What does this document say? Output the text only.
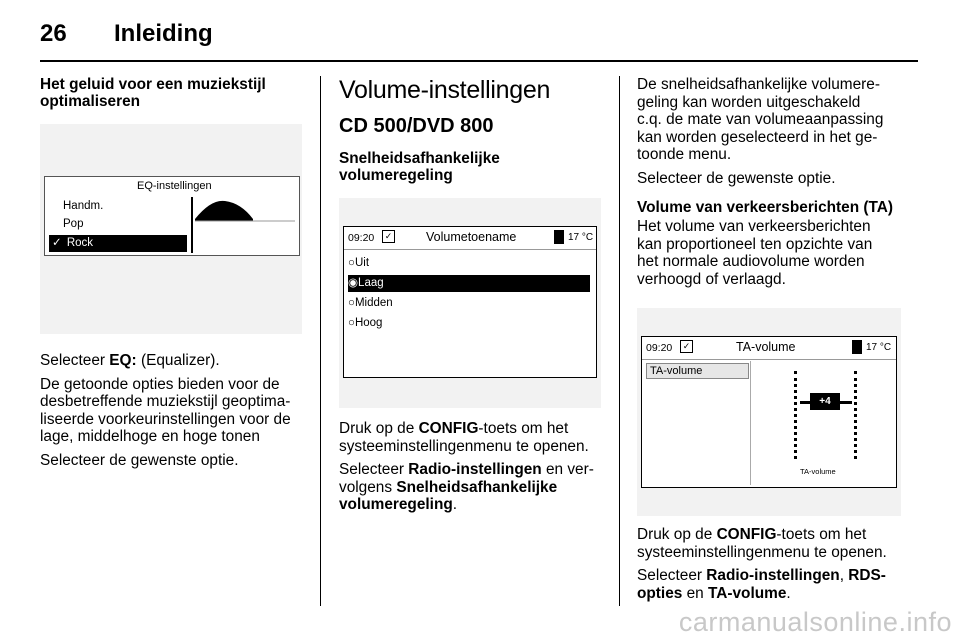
26 Inleiding

Het geluid voor een muziekstijl optimaliseren

EQ-instellingen
Handm.
Pop
✓ Rock

Selecteer EQ: (Equalizer).

De getoonde opties bieden voor de
desbetreffende muziekstijl geoptima-
liseerde voorkeurinstellingen voor de
lage, middelhoge en hoge tonen

Selecteer de gewenste optie.

Volume-instellingen
CD 500/DVD 800

Snelheidsafhankelijke
volumeregeling

09:20	✓	Volumetoename	17 °C
○Uit
◉Laag
○Midden
○Hoog

Druk op de CONFIG-toets om het
systeeminstellingenmenu te openen.

Selecteer Radio-instellingen en ver-
volgens Snelheidsafhankelijke
volumeregeling.

De snelheidsafhankelijke volumere-
geling kan worden uitgeschakeld
c.q. de mate van volumeaanpassing
kan worden geselecteerd in het ge-
toonde menu.

Selecteer de gewenste optie.

Volume van verkeersberichten (TA)

Het volume van verkeersberichten
kan proportioneel ten opzichte van
het normale audiovolume worden
verhoogd of verlaagd.

09:20	✓	TA-volume	17 °C
TA-volume
+4
TA-volume

Druk op de CONFIG-toets om het
systeeminstellingenmenu te openen.

Selecteer Radio-instellingen, RDS-
opties en TA-volume.

carmanualsonline.info
